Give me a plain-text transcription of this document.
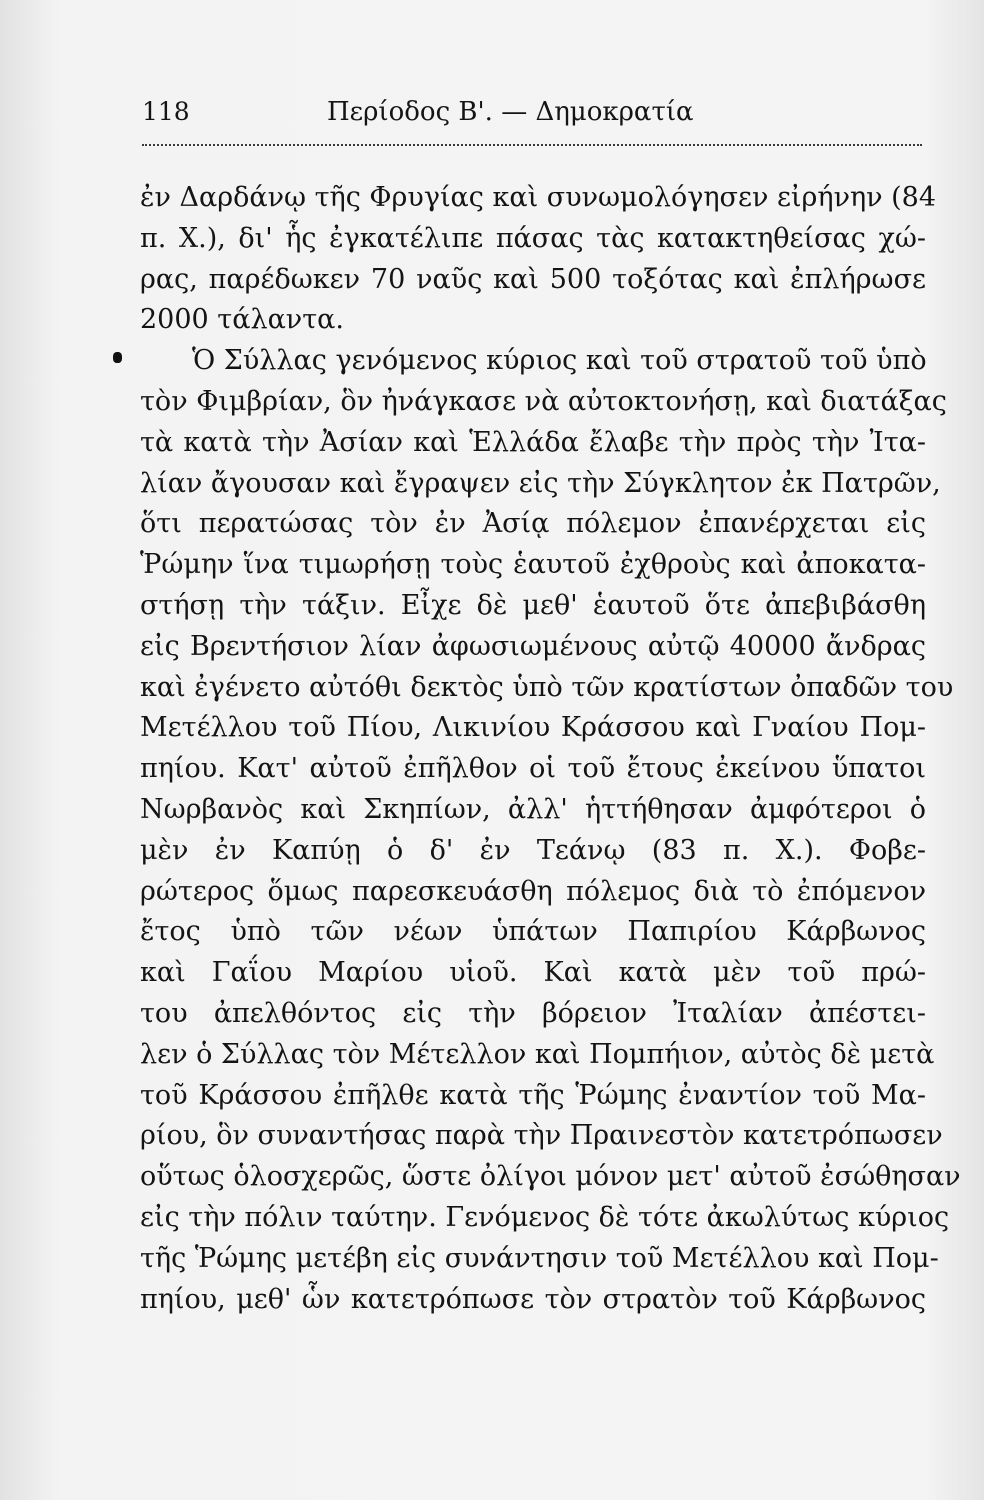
118	Περίοδος Β'. — Δημοκρατία
ἐν Δαρδάνῳ τῆς Φρυγίας καὶ συνωμολόγησεν εἰρήνην (84
π. Χ.), δι' ἧς ἐγκατέλιπε πάσας τὰς κατακτηθείσας χώ-
ρας, παρέδωκεν 70 ναῦς καὶ 500 τοξότας καὶ ἐπλήρωσε
2000 τάλαντα.
Ὁ Σύλλας γενόμενος κύριος καὶ τοῦ στρατοῦ τοῦ ὑπὸ
τὸν Φιμβρίαν, ὃν ἠνάγκασε νὰ αὐτοκτονήσῃ, καὶ διατάξας
τὰ κατὰ τὴν Ἀσίαν καὶ Ἑλλάδα ἔλαβε τὴν πρὸς τὴν Ἰτα-
λίαν ἄγουσαν καὶ ἔγραψεν εἰς τὴν Σύγκλητον ἐκ Πατρῶν,
ὅτι περατώσας τὸν ἐν Ἀσίᾳ πόλεμον ἐπανέρχεται εἰς
Ῥώμην ἵνα τιμωρήσῃ τοὺς ἑαυτοῦ ἐχθροὺς καὶ ἀποκατα-
στήσῃ τὴν τάξιν. Εἶχε δὲ μεθ' ἑαυτοῦ ὅτε ἀπεβιβάσθη
εἰς Βρεντήσιον λίαν ἀφωσιωμένους αὐτῷ 40000 ἄνδρας
καὶ ἐγένετο αὐτόθι δεκτὸς ὑπὸ τῶν κρατίστων ὀπαδῶν του
Μετέλλου τοῦ Πίου, Λικινίου Κράσσου καὶ Γναίου Πομ-
πηίου. Κατ' αὐτοῦ ἐπῆλθον οἱ τοῦ ἔτους ἐκείνου ὕπατοι
Νωρβανὸς καὶ Σκηπίων, ἀλλ' ἡττήθησαν ἀμφότεροι ὁ
μὲν ἐν Καπύῃ ὁ δ' ἐν Τεάνῳ (83 π. Χ.). Φοβε-
ρώτερος ὅμως παρεσκευάσθη πόλεμος διὰ τὸ ἐπόμενον
ἔτος ὑπὸ τῶν νέων ὑπάτων Παπιρίου Κάρβωνος
καὶ Γαΐου Μαρίου υἱοῦ. Καὶ κατὰ μὲν τοῦ πρώ-
του ἀπελθόντος εἰς τὴν βόρειον Ἰταλίαν ἀπέστει-
λεν ὁ Σύλλας τὸν Μέτελλον καὶ Πομπήιον, αὐτὸς δὲ μετὰ
τοῦ Κράσσου ἐπῆλθε κατὰ τῆς Ῥώμης ἐναντίον τοῦ Μα-
ρίου, ὃν συναντήσας παρὰ τὴν Πραινεστὸν κατετρόπωσεν
οὕτως ὁλοσχερῶς, ὥστε ὀλίγοι μόνον μετ' αὐτοῦ ἐσώθησαν
εἰς τὴν πόλιν ταύτην. Γενόμενος δὲ τότε ἀκωλύτως κύριος
τῆς Ῥώμης μετέβη εἰς συνάντησιν τοῦ Μετέλλου καὶ Πομ-
πηίου, μεθ' ὧν κατετρόπωσε τὸν στρατὸν τοῦ Κάρβωνος
